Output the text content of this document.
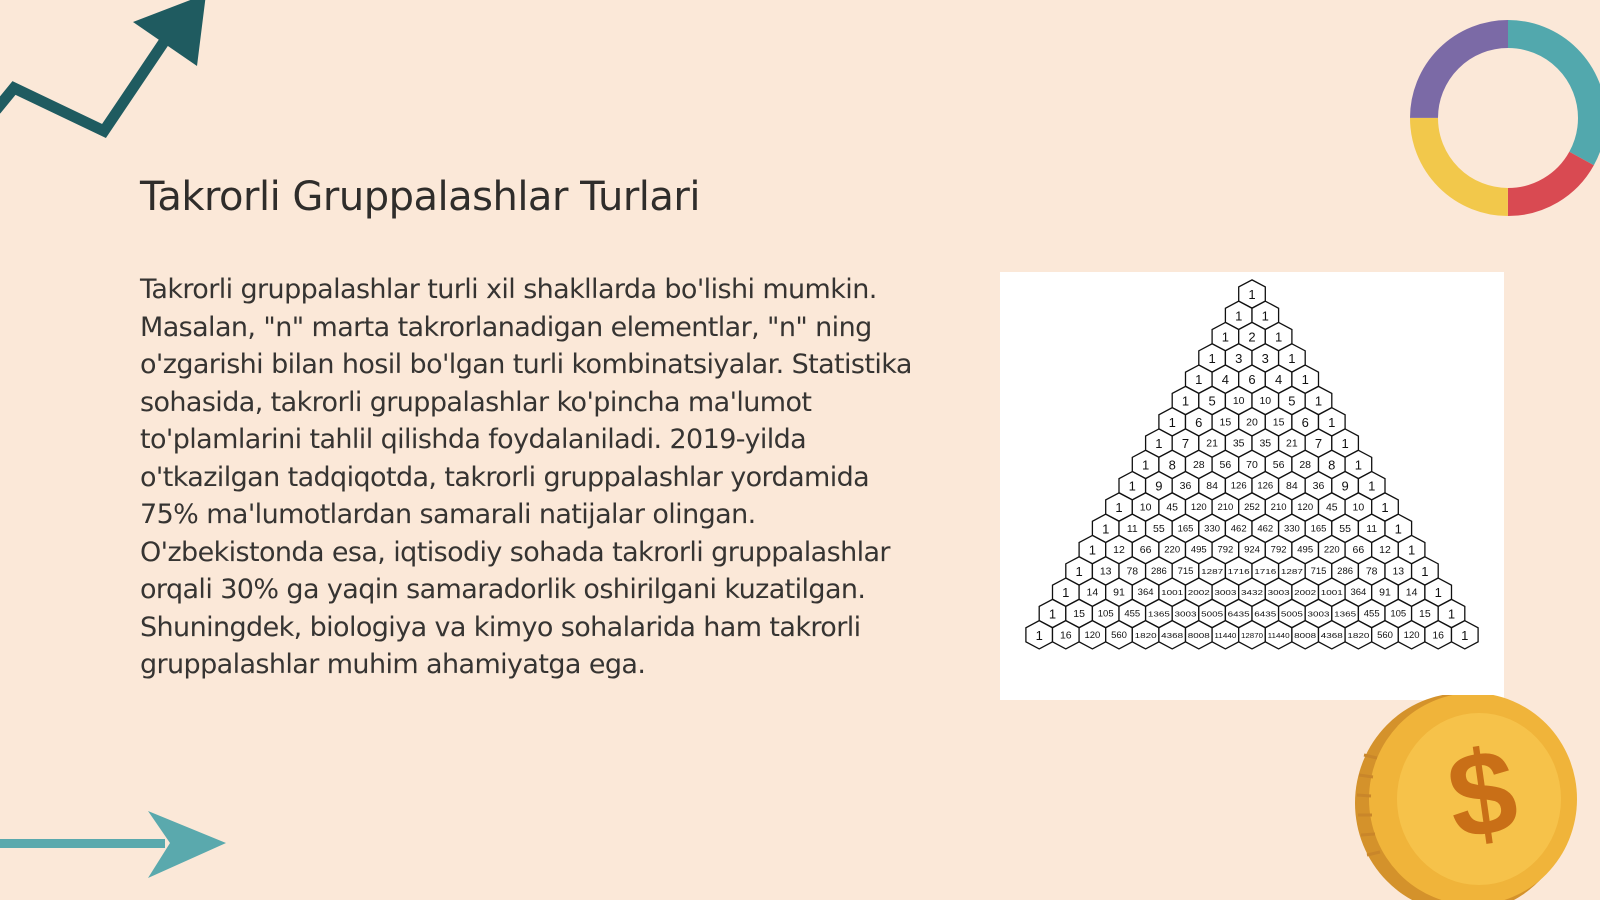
Takrorli Gruppalashlar Turlari

Takrorli gruppalashlar turli xil shakllarda bo'lishi mumkin. Masalan, "n" marta takrorlanadigan elementlar, "n" ning o'zgarishi bilan hosil bo'lgan turli kombinatsiyalar. Statistika sohasida, takrorli gruppalashlar ko'pincha ma'lumot to'plamlarini tahlil qilishda foydalaniladi. 2019-yilda o'tkazilgan tadqiqotda, takrorli gruppalashlar yordamida 75% ma'lumotlardan samarali natijalar olingan. O'zbekistonda esa, iqtisodiy sohada takrorli gruppalashlar orqali 30% ga yaqin samaradorlik oshirilgani kuzatilgan. Shuningdek, biologiya va kimyo sohalarida ham takrorli gruppalashlar muhim ahamiyatga ega.

1
1 1
1 2 1
1 3 3 1
1 4 6 4 1
1 5 10 10 5 1
1 6 15 20 15 6 1
1 7 21 35 35 21 7 1
1 8 28 56 70 56 28 8 1
1 9 36 84 126 126 84 36 9 1
1 10 45 120 210 252 210 120 45 10 1
1 11 55 165 330 462 462 330 165 55 11 1
1 12 66 220 495 792 924 792 495 220 66 12 1
1 13 78 286 715 1287 1716 1716 1287 715 286 78 13 1
1 14 91 364 1001 2002 3003 3432 3003 2002 1001 364 91 14 1
1 15 105 455 1365 3003 5005 6435 6435 5005 3003 1365 455 105 15 1
1 16 120 560 1820 4368 8008 11440 12870 11440 8008 4368 1820 560 120 16 1
$
